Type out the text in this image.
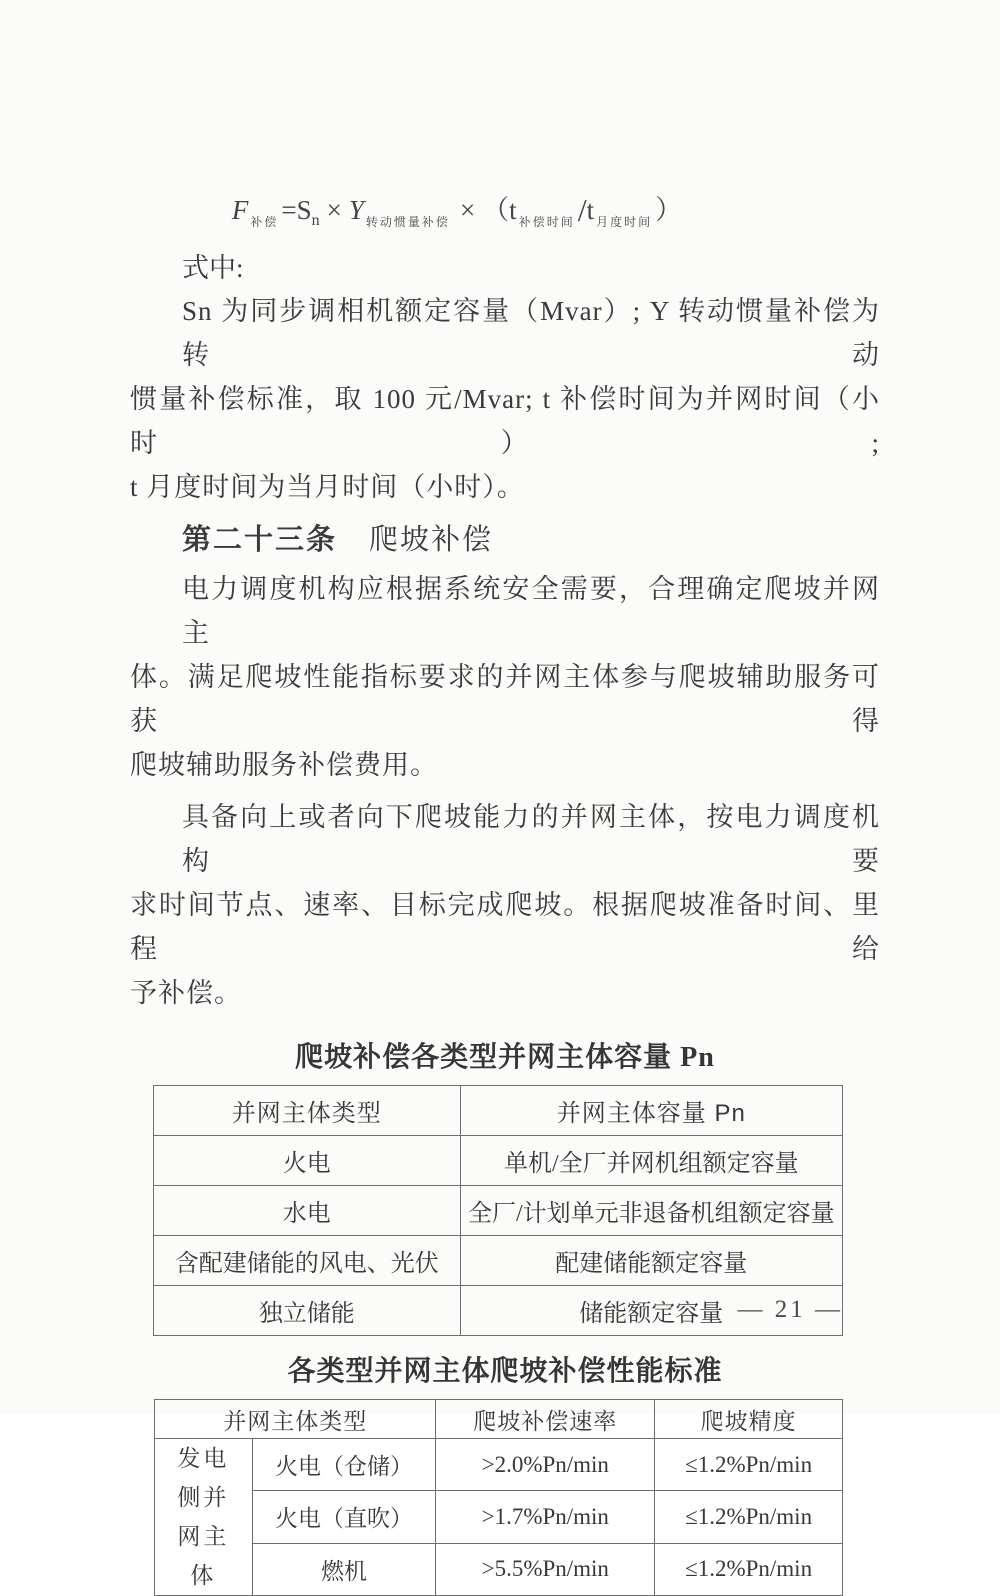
F $_{补偿} =S_n \times Y$ $_{转动惯量补偿}$ × （t $_{补偿时间}$/t $_{月度时间}$ ）
式中:
Sn 为同步调相机额定容量（Mvar）; Y 转动惯量补偿为转动
惯量补偿标准，取 100 元/Mvar; t 补偿时间为并网时间（小时）;
t 月度时间为当月时间（小时）。
第二十三条 爬坡补偿
电力调度机构应根据系统安全需要，合理确定爬坡并网主
体。满足爬坡性能指标要求的并网主体参与爬坡辅助服务可获得
爬坡辅助服务补偿费用。
具备向上或者向下爬坡能力的并网主体，按电力调度机构要
求时间节点、速率、目标完成爬坡。根据爬坡准备时间、里程给
予补偿。
爬坡补偿各类型并网主体容量 Pn
并网主体类型	并网主体容量 Pn
火电	单机/全厂并网机组额定容量
水电	全厂/计划单元非退备机组额定容量
含配建储能的风电、光伏	配建储能额定容量
独立储能	储能额定容量
各类型并网主体爬坡补偿性能标准
并网主体类型		爬坡补偿速率	爬坡精度
发电侧并网主体	火电（仓储）	>2.0%Pn/min	≤1.2%Pn/min
	火电（直吹）	>1.7%Pn/min	≤1.2%Pn/min
	燃机	>5.5%Pn/min	≤1.2%Pn/min
— 21 —
